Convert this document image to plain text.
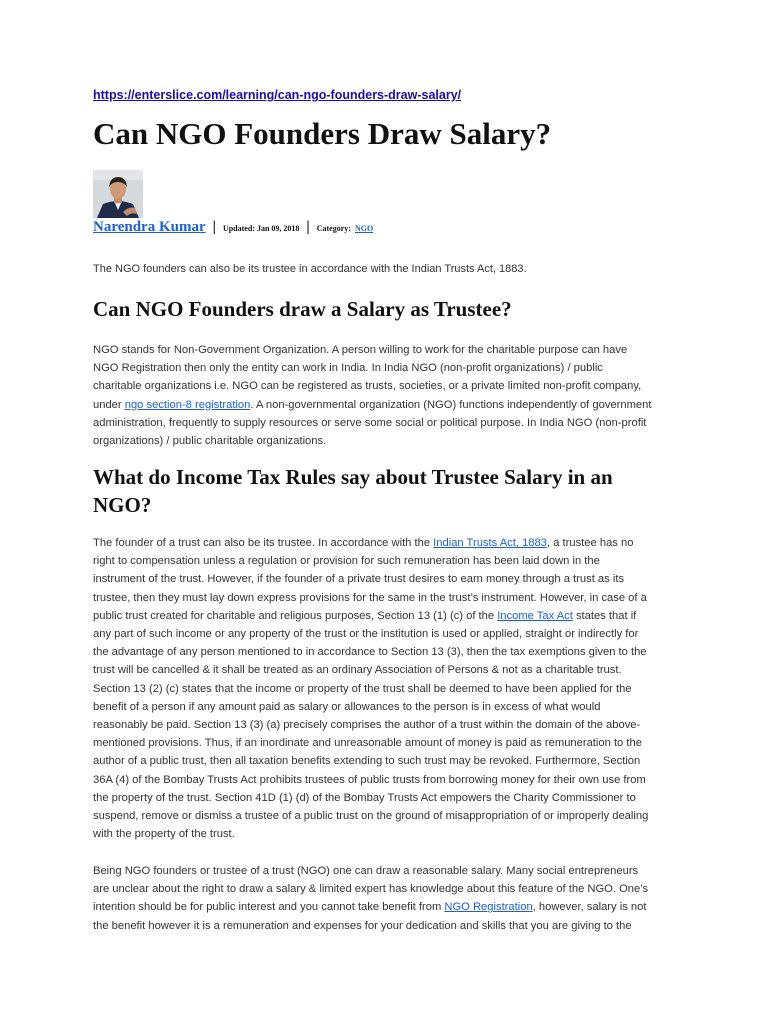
https://enterslice.com/learning/can-ngo-founders-draw-salary/
Can NGO Founders Draw Salary?
Narendra Kumar | Updated: Jan 09, 2018 | Category: NGO

The NGO founders can also be its trustee in accordance with the Indian Trusts Act, 1883.

Can NGO Founders draw a Salary as Trustee?

NGO stands for Non-Government Organization. A person willing to work for the charitable purpose can have
NGO Registration then only the entity can work in India. In India NGO (non-profit organizations) / public
charitable organizations i.e. NGO can be registered as trusts, societies, or a private limited non-profit company,
under ngo section-8 registration. A non-governmental organization (NGO) functions independently of government
administration, frequently to supply resources or serve some social or political purpose. In India NGO (non-profit
organizations) / public charitable organizations.

What do Income Tax Rules say about Trustee Salary in an
NGO?

The founder of a trust can also be its trustee. In accordance with the Indian Trusts Act, 1883, a trustee has no
right to compensation unless a regulation or provision for such remuneration has been laid down in the
instrument of the trust. However, if the founder of a private trust desires to earn money through a trust as its
trustee, then they must lay down express provisions for the same in the trust’s instrument. However, in case of a
public trust created for charitable and religious purposes, Section 13 (1) (c) of the Income Tax Act states that if
any part of such income or any property of the trust or the institution is used or applied, straight or indirectly for
the advantage of any person mentioned to in accordance to Section 13 (3), then the tax exemptions given to the
trust will be cancelled & it shall be treated as an ordinary Association of Persons & not as a charitable trust.
Section 13 (2) (c) states that the income or property of the trust shall be deemed to have been applied for the
benefit of a person if any amount paid as salary or allowances to the person is in excess of what would
reasonably be paid. Section 13 (3) (a) precisely comprises the author of a trust within the domain of the above-
mentioned provisions. Thus, if an inordinate and unreasonable amount of money is paid as remuneration to the
author of a public trust, then all taxation benefits extending to such trust may be revoked. Furthermore, Section
36A (4) of the Bombay Trusts Act prohibits trustees of public trusts from borrowing money for their own use from
the property of the trust. Section 41D (1) (d) of the Bombay Trusts Act empowers the Charity Commissioner to
suspend, remove or dismiss a trustee of a public trust on the ground of misappropriation of or improperly dealing
with the property of the trust.

Being NGO founders or trustee of a trust (NGO) one can draw a reasonable salary. Many social entrepreneurs
are unclear about the right to draw a salary & limited expert has knowledge about this feature of the NGO. One’s
intention should be for public interest and you cannot take benefit from NGO Registration, however, salary is not
the benefit however it is a remuneration and expenses for your dedication and skills that you are giving to the
